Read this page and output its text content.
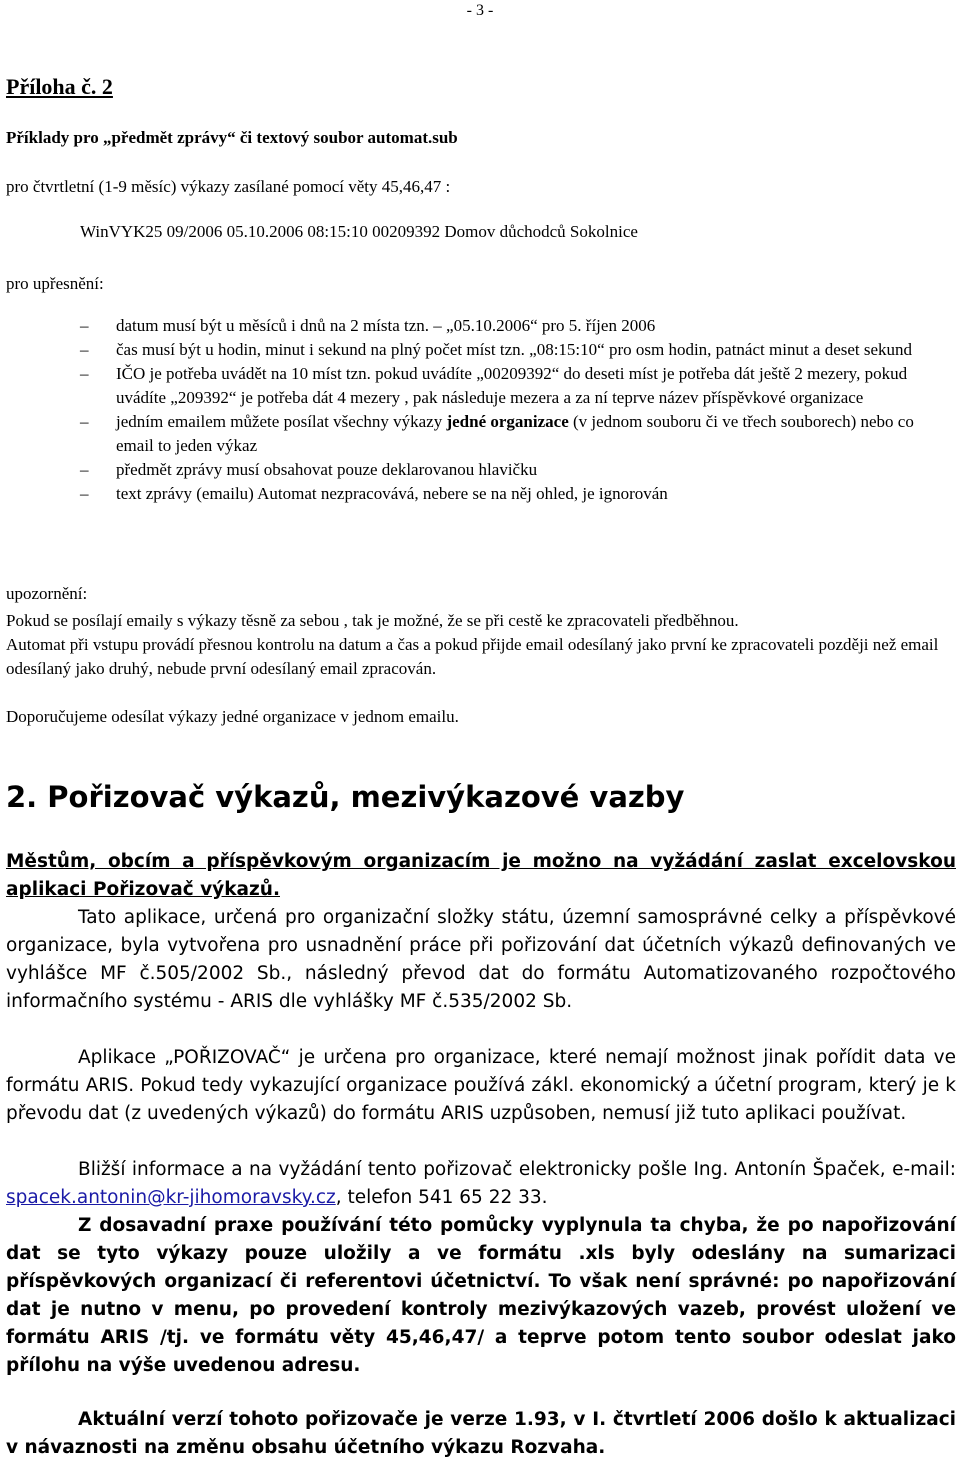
- 3 -
Příloha č. 2
Příklady pro „předmět zprávy“ či textový soubor automat.sub
pro čtvrtletní (1-9 měsíc) výkazy zasílané pomocí věty 45,46,47 :
WinVYK25 09/2006 05.10.2006 08:15:10 00209392 Domov důchodců Sokolnice
pro upřesnění:
– datum musí být u měsíců i dnů na 2 místa tzn. – „05.10.2006“ pro 5. říjen 2006
– čas musí být u hodin, minut i sekund na plný počet míst tzn. „08:15:10“ pro osm hodin, patnáct minut a deset sekund
– IČO je potřeba uvádět na 10 míst tzn. pokud uvádíte „00209392“ do deseti míst je potřeba dát ještě 2 mezery, pokud uvádíte „209392“ je potřeba dát 4 mezery , pak následuje mezera a za ní teprve název příspěvkové organizace
– jedním emailem můžete posílat všechny výkazy jedné organizace (v jednom souboru či ve třech souborech) nebo co email to jeden výkaz
– předmět zprávy musí obsahovat pouze deklarovanou hlavičku
– text zprávy (emailu) Automat nezpracovává, nebere se na něj ohled, je ignorován
upozornění:
Pokud se posílají emaily s výkazy těsně za sebou , tak je možné, že se při cestě ke zpracovateli předběhnou.
Automat při vstupu provádí přesnou kontrolu na datum a čas a pokud přijde email odesílaný jako první ke zpracovateli později než email odesílaný jako druhý, nebude první odesílaný email zpracován.
Doporučujeme odesílat výkazy jedné organizace v jednom emailu.
2. Pořizovač výkazů, mezivýkazové vazby
Městům, obcím a příspěvkovým organizacím je možno na vyžádání zaslat excelovskou aplikaci Pořizovač výkazů.
Tato aplikace, určená pro organizační složky státu, územní samosprávné celky a příspěvkové organizace, byla vytvořena pro usnadnění práce při pořizování dat účetních výkazů definovaných ve vyhlášce MF č.505/2002 Sb., následný převod dat do formátu Automatizovaného rozpočtového informačního systému - ARIS dle vyhlášky MF č.535/2002 Sb.
Aplikace „POŘIZOVAČ“ je určena pro organizace, které nemají možnost jinak pořídit data ve formátu ARIS. Pokud tedy vykazující organizace používá zákl. ekonomický a účetní program, který je k převodu dat (z uvedených výkazů) do formátu ARIS uzpůsoben, nemusí již tuto aplikaci používat.
Bližší informace a na vyžádání tento pořizovač elektronicky pošle Ing. Antonín Špaček, e-mail: spacek.antonin@kr-jihomoravsky.cz, telefon 541 65 22 33.
Z dosavadní praxe používání této pomůcky vyplynula ta chyba, že po napořizování dat se tyto výkazy pouze uložily a ve formátu .xls byly odeslány na sumarizaci příspěvkových organizací či referentovi účetnictví. To však není správné: po napořizování dat je nutno v menu, po provedení kontroly mezivýkazových vazeb, provést uložení ve formátu ARIS /tj. ve formátu věty 45,46,47/ a teprve potom tento soubor odeslat jako přílohu na výše uvedenou adresu.
Aktuální verzí tohoto pořizovače je verze 1.93, v I. čtvrtletí 2006 došlo k aktualizaci v návaznosti na změnu obsahu účetního výkazu Rozvaha.
